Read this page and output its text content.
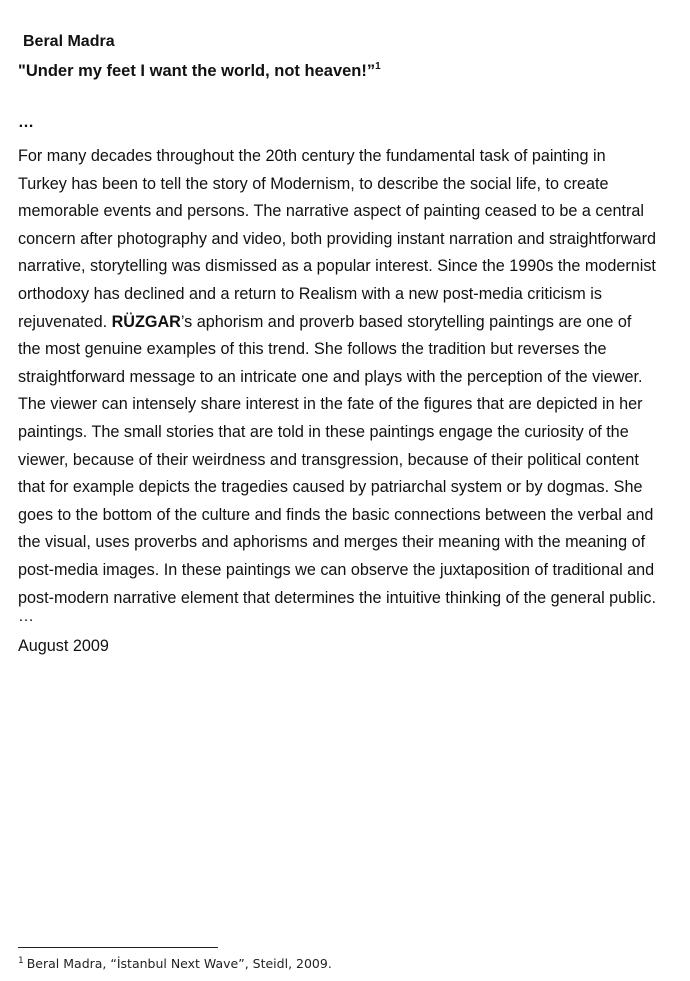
Beral Madra
"Under my feet I want the world, not heaven!”$^1$
…
For many decades throughout the 20th century the fundamental task of painting in
Turkey has been to tell the story of Modernism, to describe the social life, to create
memorable events and persons. The narrative aspect of painting ceased to be a central
concern after photography and video, both providing instant narration and straightforward
narrative, storytelling was dismissed as a popular interest. Since the 1990s the modernist
orthodoxy has declined and a return to Realism with a new post-media criticism is
rejuvenated. RÜZGAR’s aphorism and proverb based storytelling paintings are one of
the most genuine examples of this trend. She follows the tradition but reverses the
straightforward message to an intricate one and plays with the perception of the viewer.
The viewer can intensely share interest in the fate of the figures that are depicted in her
paintings. The small stories that are told in these paintings engage the curiosity of the
viewer, because of their weirdness and transgression, because of their political content
that for example depicts the tragedies caused by patriarchal system or by dogmas. She
goes to the bottom of the culture and finds the basic connections between the verbal and
the visual, uses proverbs and aphorisms and merges their meaning with the meaning of
post-media images. In these paintings we can observe the juxtaposition of traditional and
post-modern narrative element that determines the intuitive thinking of the general public.
…
August 2009
$^1$ Beral Madra, “İstanbul Next Wave”, Steidl, 2009.
